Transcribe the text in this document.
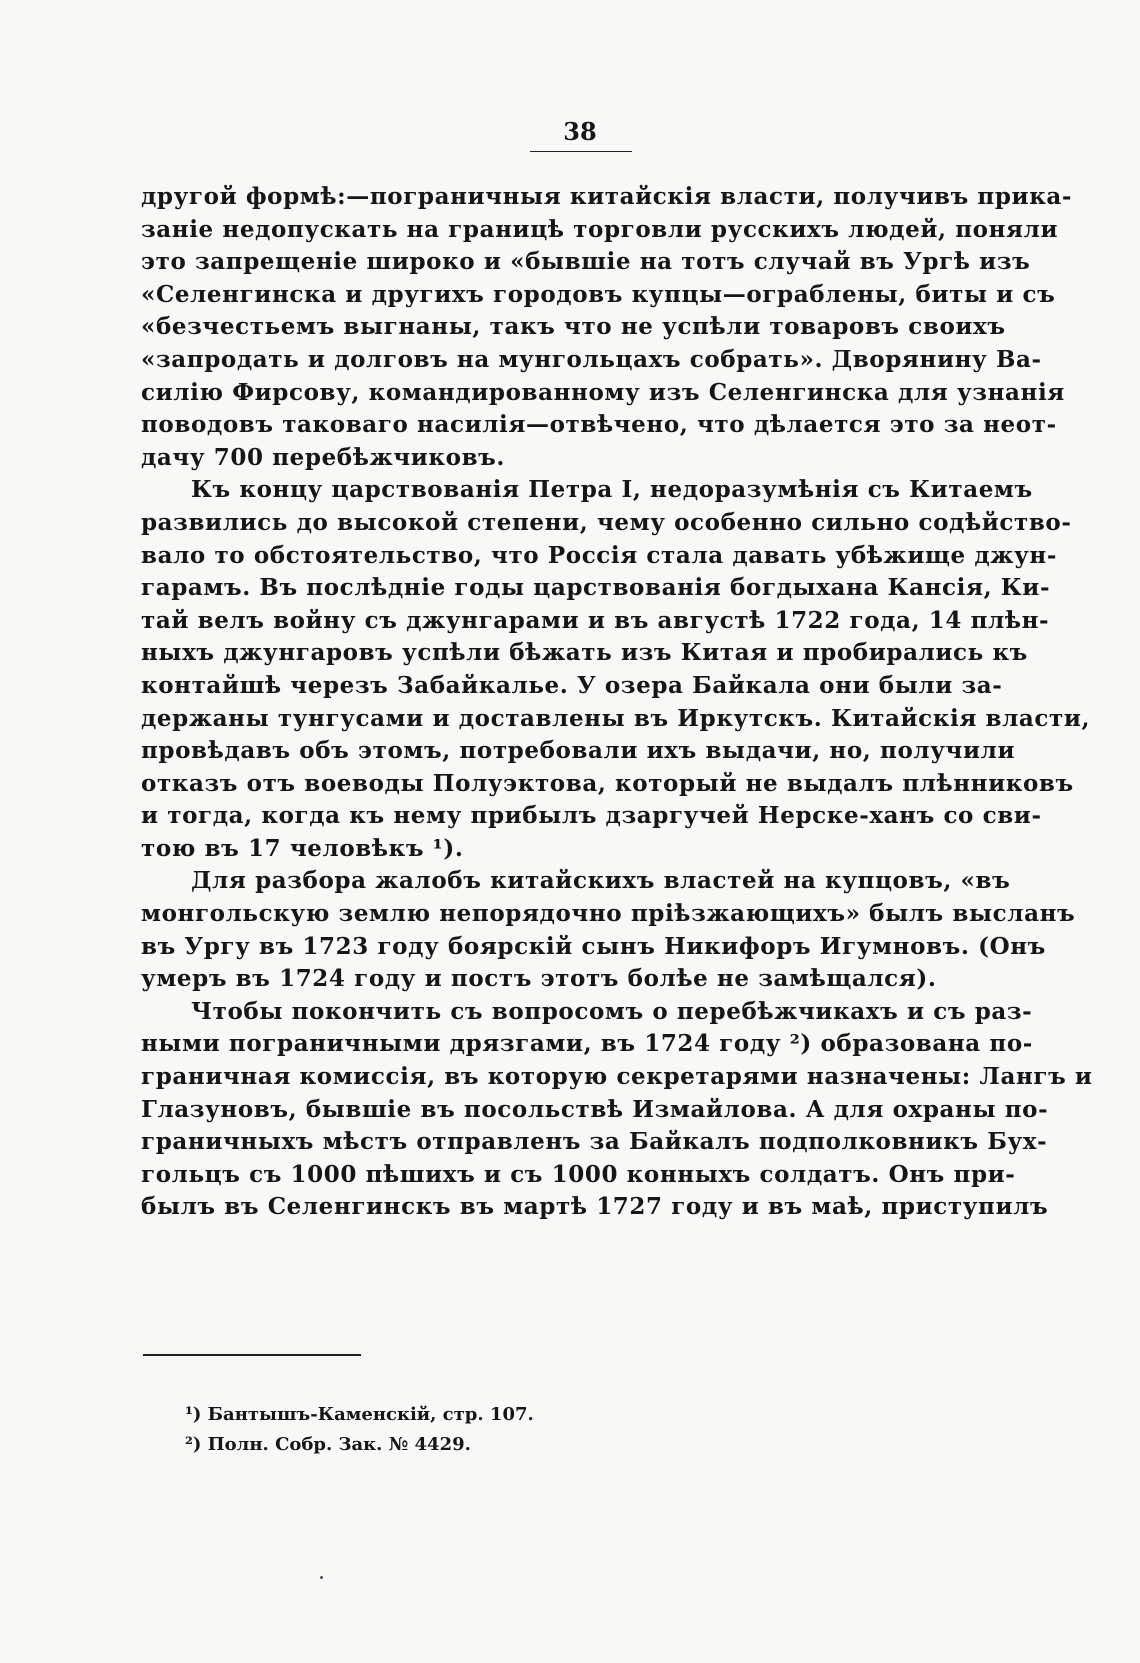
38
другой формѣ:—пограничныя китайскія власти, получивъ прика-
заніе недопускать на границѣ торговли русскихъ людей, поняли
это запрещеніе широко и «бывшіе на тотъ случай въ Ургѣ изъ
«Селенгинска и другихъ городовъ купцы—ограблены, биты и съ
«безчестьемъ выгнаны, такъ что не успѣли товаровъ своихъ
«запродать и долговъ на мунгольцахъ собрать». Дворянину Ва-
силію Фирсову, командированному изъ Селенгинска для узнанія
поводовъ таковаго насилія—отвѣчено, что дѣлается это за неот-
дачу 700 перебѣжчиковъ.
Къ концу царствованія Петра I, недоразумѣнія съ Китаемъ
развились до высокой степени, чему особенно сильно содѣйство-
вало то обстоятельство, что Россія стала давать убѣжище джун-
гарамъ. Въ послѣдніе годы царствованія богдыхана Кансія, Ки-
тай велъ войну съ джунгарами и въ августѣ 1722 года, 14 плѣн-
ныхъ джунгаровъ успѣли бѣжать изъ Китая и пробирались къ
контайшѣ черезъ Забайкалье. У озера Байкала они были за-
держаны тунгусами и доставлены въ Иркутскъ. Китайскія власти,
провѣдавъ объ этомъ, потребовали ихъ выдачи, но, получили
отказъ отъ воеводы Полуэктова, который не выдалъ плѣнниковъ
и тогда, когда къ нему прибылъ дзаргучей Нерске-ханъ со сви-
тою въ 17 человѣкъ ¹).
Для разбора жалобъ китайскихъ властей на купцовъ, «въ
монгольскую землю непорядочно пріѣзжающихъ» былъ высланъ
въ Ургу въ 1723 году боярскій сынъ Никифоръ Игумновъ. (Онъ
умеръ въ 1724 году и постъ этотъ болѣе не замѣщался).
Чтобы покончить съ вопросомъ о перебѣжчикахъ и съ раз-
ными пограничными дрязгами, въ 1724 году ²) образована по-
граничная комиссія, въ которую секретарями назначены: Лангъ и
Глазуновъ, бывшіе въ посольствѣ Измайлова. А для охраны по-
граничныхъ мѣстъ отправленъ за Байкалъ подполковникъ Бух-
гольцъ съ 1000 пѣшихъ и съ 1000 конныхъ солдатъ. Онъ при-
былъ въ Селенгинскъ въ мартѣ 1727 году и въ маѣ, приступилъ
¹) Бантышъ-Каменскій, стр. 107.
²) Полн. Собр. Зак. № 4429.
